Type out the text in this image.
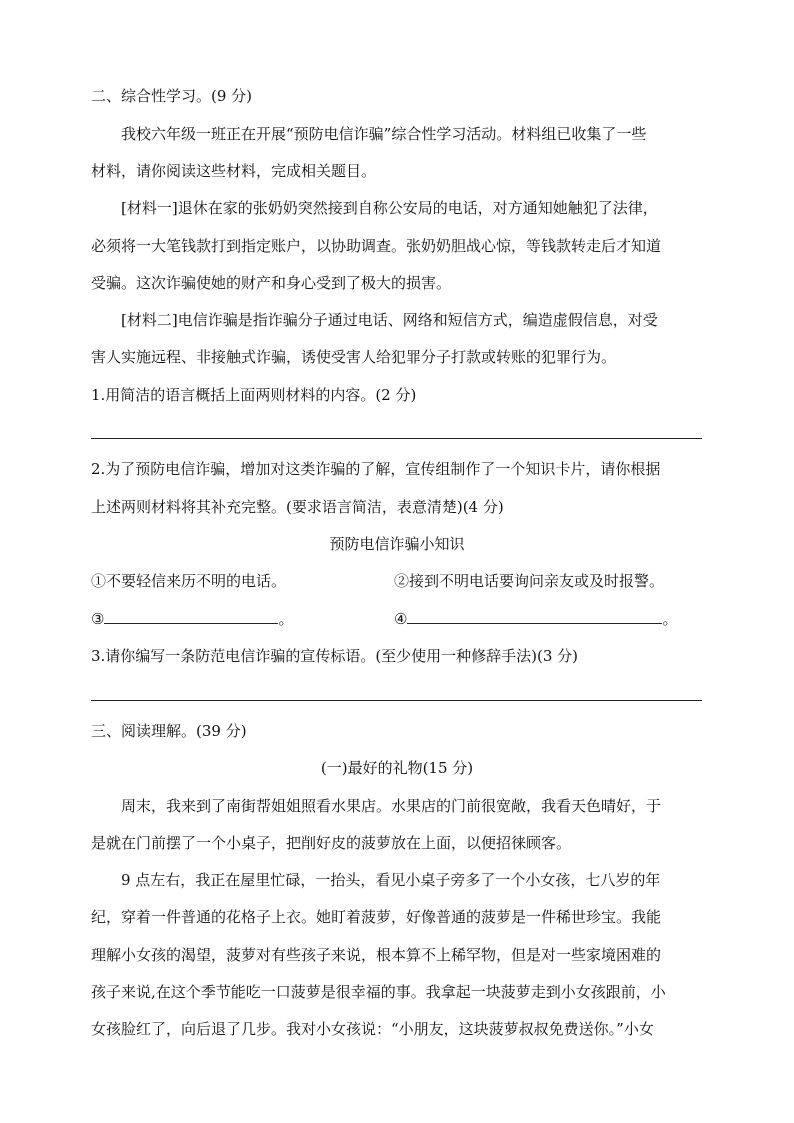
二、综合性学习。(9 分)
我校六年级一班正在开展“预防电信诈骗”综合性学习活动。材料组已收集了一些
材料，请你阅读这些材料，完成相关题目。
[材料一]退休在家的张奶奶突然接到自称公安局的电话，对方通知她触犯了法律，
必须将一大笔钱款打到指定账户，以协助调查。张奶奶胆战心惊，等钱款转走后才知道
受骗。这次诈骗使她的财产和身心受到了极大的损害。
[材料二]电信诈骗是指诈骗分子通过电话、网络和短信方式，编造虚假信息，对受
害人实施远程、非接触式诈骗，诱使受害人给犯罪分子打款或转账的犯罪行为。
1.用简洁的语言概括上面两则材料的内容。(2 分)
2.为了预防电信诈骗，增加对这类诈骗的了解，宣传组制作了一个知识卡片，请你根据
上述两则材料将其补充完整。(要求语言简洁，表意清楚)(4 分)
预防电信诈骗小知识
①不要轻信来历不明的电话。	②接到不明电话要询问亲友或及时报警。
③	。	④	。
3.请你编写一条防范电信诈骗的宣传标语。(至少使用一种修辞手法)(3 分)
三、阅读理解。(39 分)
(一)最好的礼物(15 分)
周末，我来到了南街帮姐姐照看水果店。水果店的门前很宽敞，我看天色晴好，于
是就在门前摆了一个小桌子，把削好皮的菠萝放在上面，以便招徕顾客。
9 点左右，我正在屋里忙碌，一抬头，看见小桌子旁多了一个小女孩，七八岁的年
纪，穿着一件普通的花格子上衣。她盯着菠萝，好像普通的菠萝是一件稀世珍宝。我能
理解小女孩的渴望，菠萝对有些孩子来说，根本算不上稀罕物，但是对一些家境困难的
孩子来说,在这个季节能吃一口菠萝是很幸福的事。我拿起一块菠萝走到小女孩跟前，小
女孩脸红了，向后退了几步。我对小女孩说：“小朋友，这块菠萝叔叔免费送你。”小女
